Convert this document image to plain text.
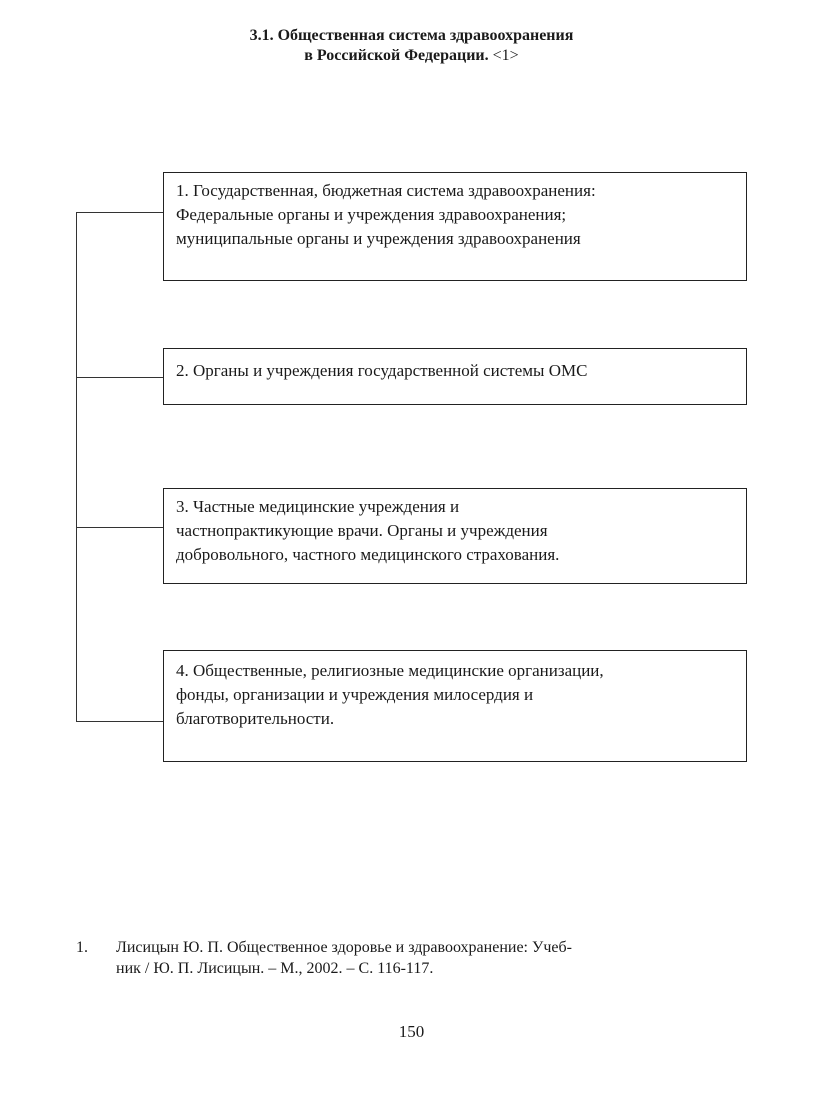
3.1. Общественная система здравоохранения
в Российской Федерации. <1>
1. Государственная, бюджетная система здравоохранения:
Федеральные органы и учреждения здравоохранения;
муниципальные органы и учреждения здравоохранения
2. Органы и учреждения государственной системы ОМС
3. Частные медицинские учреждения и
частнопрактикующие врачи. Органы и учреждения
добровольного, частного медицинского страхования.
4. Общественные, религиозные медицинские организации,
фонды, организации и учреждения милосердия и
благотворительности.
1. Лисицын Ю. П. Общественное здоровье и здравоохранение: Учеб-
ник / Ю. П. Лисицын. – М., 2002. – С. 116-117.
150
